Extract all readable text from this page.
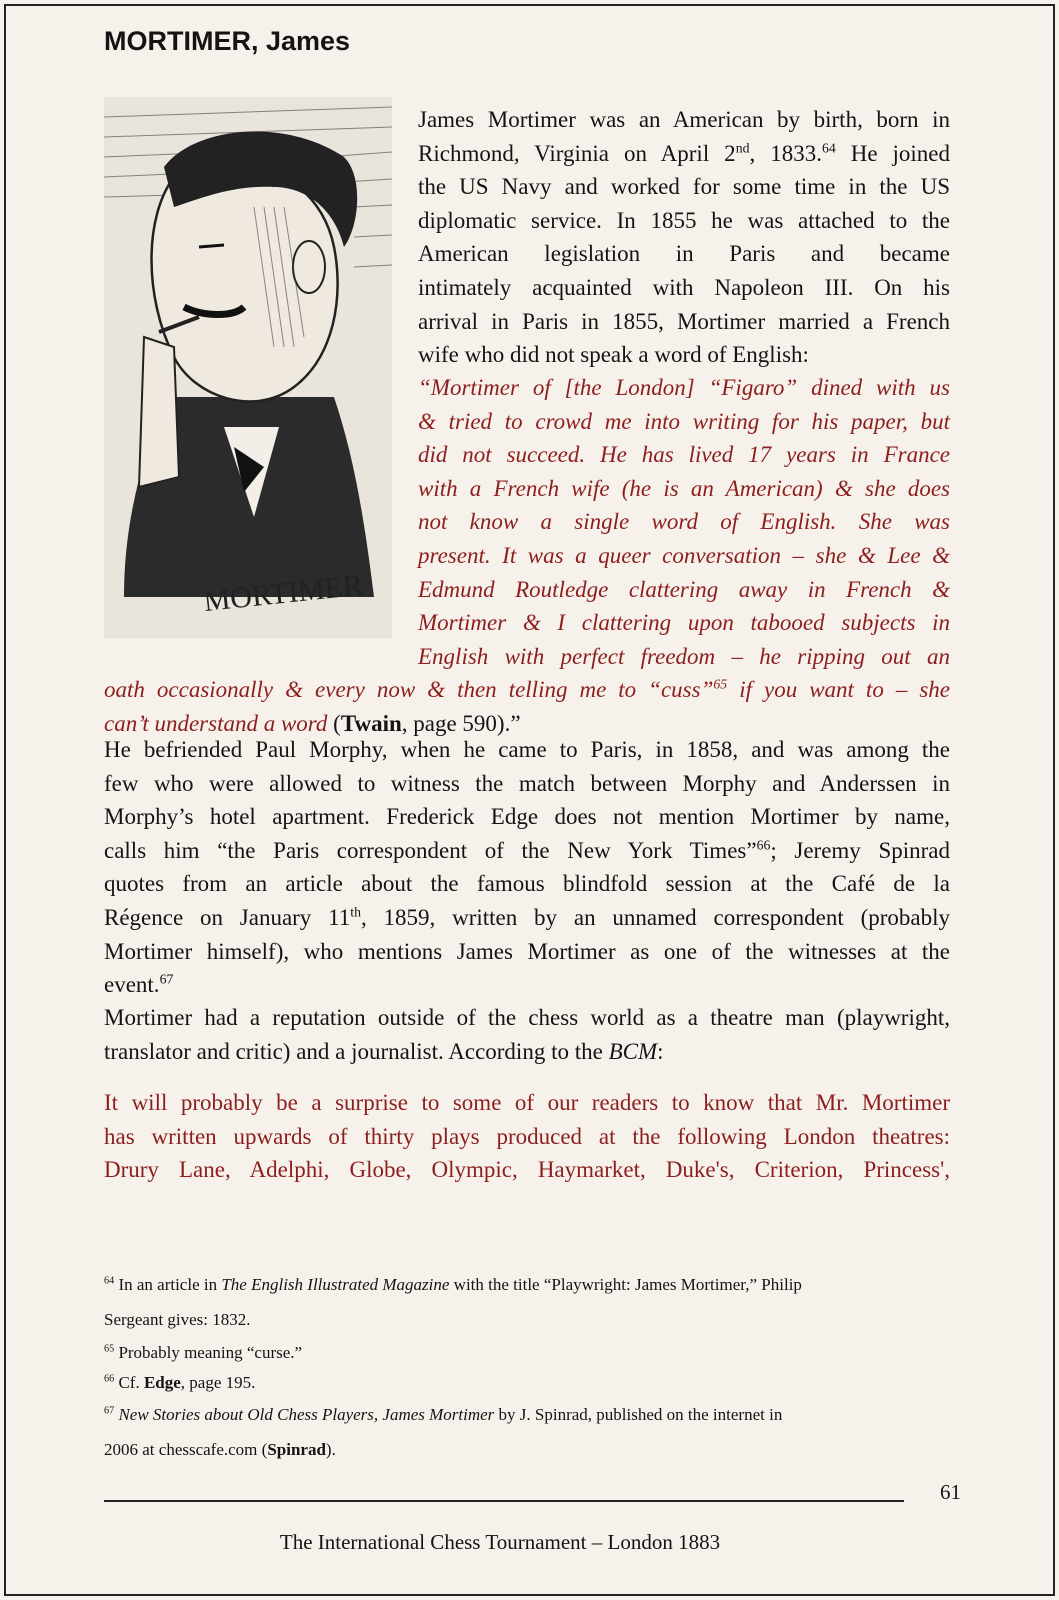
MORTIMER, James
MORTIMER

James Mortimer was an American by birth, born in

Richmond, Virginia on April 2nd, 1833.64 He joined

the US Navy and worked for some time in the US

diplomatic service. In 1855 he was attached to the

American legislation in Paris and became

intimately acquainted with Napoleon III. On his

arrival in Paris in 1855, Mortimer married a French

wife who did not speak a word of English:

“Mortimer of [the London] “Figaro” dined with us

& tried to crowd me into writing for his paper, but

did not succeed. He has lived 17 years in France

with a French wife (he is an American) & she does

not know a single word of English. She was

present. It was a queer conversation – she & Lee &

Edmund Routledge clattering away in French &

Mortimer & I clattering upon tabooed subjects in

English with perfect freedom – he ripping out an

oath occasionally & every now & then telling me to “cuss”$^{65}$ if you want to – she

can’t understand a word (Twain, page 590).”

He befriended Paul Morphy, when he came to Paris, in 1858, and was among the

few who were allowed to witness the match between Morphy and Anderssen in

Morphy’s hotel apartment. Frederick Edge does not mention Mortimer by name,

calls him “the Paris correspondent of the New York Times”$^{66}$; Jeremy Spinrad

quotes from an article about the famous blindfold session at the Café de la

Régence on January 11th, 1859, written by an unnamed correspondent (probably

Mortimer himself), who mentions James Mortimer as one of the witnesses at the

event.$^{67}$

Mortimer had a reputation outside of the chess world as a theatre man (playwright,

translator and critic) and a journalist. According to the BCM:

It will probably be a surprise to some of our readers to know that Mr. Mortimer

has written upwards of thirty plays produced at the following London theatres:

Drury Lane, Adelphi, Globe, Olympic, Haymarket, Duke's, Criterion, Princess',

$^{64}$ In an article in The English Illustrated Magazine with the title “Playwright: James Mortimer,” Philip

Sergeant gives: 1832.

$^{65}$ Probably meaning “curse.”

$^{66}$ Cf. Edge, page 195.

$^{67}$ New Stories about Old Chess Players, James Mortimer by J. Spinrad, published on the internet in

2006 at chesscafe.com (Spinrad).

61
The International Chess Tournament – London 1883
